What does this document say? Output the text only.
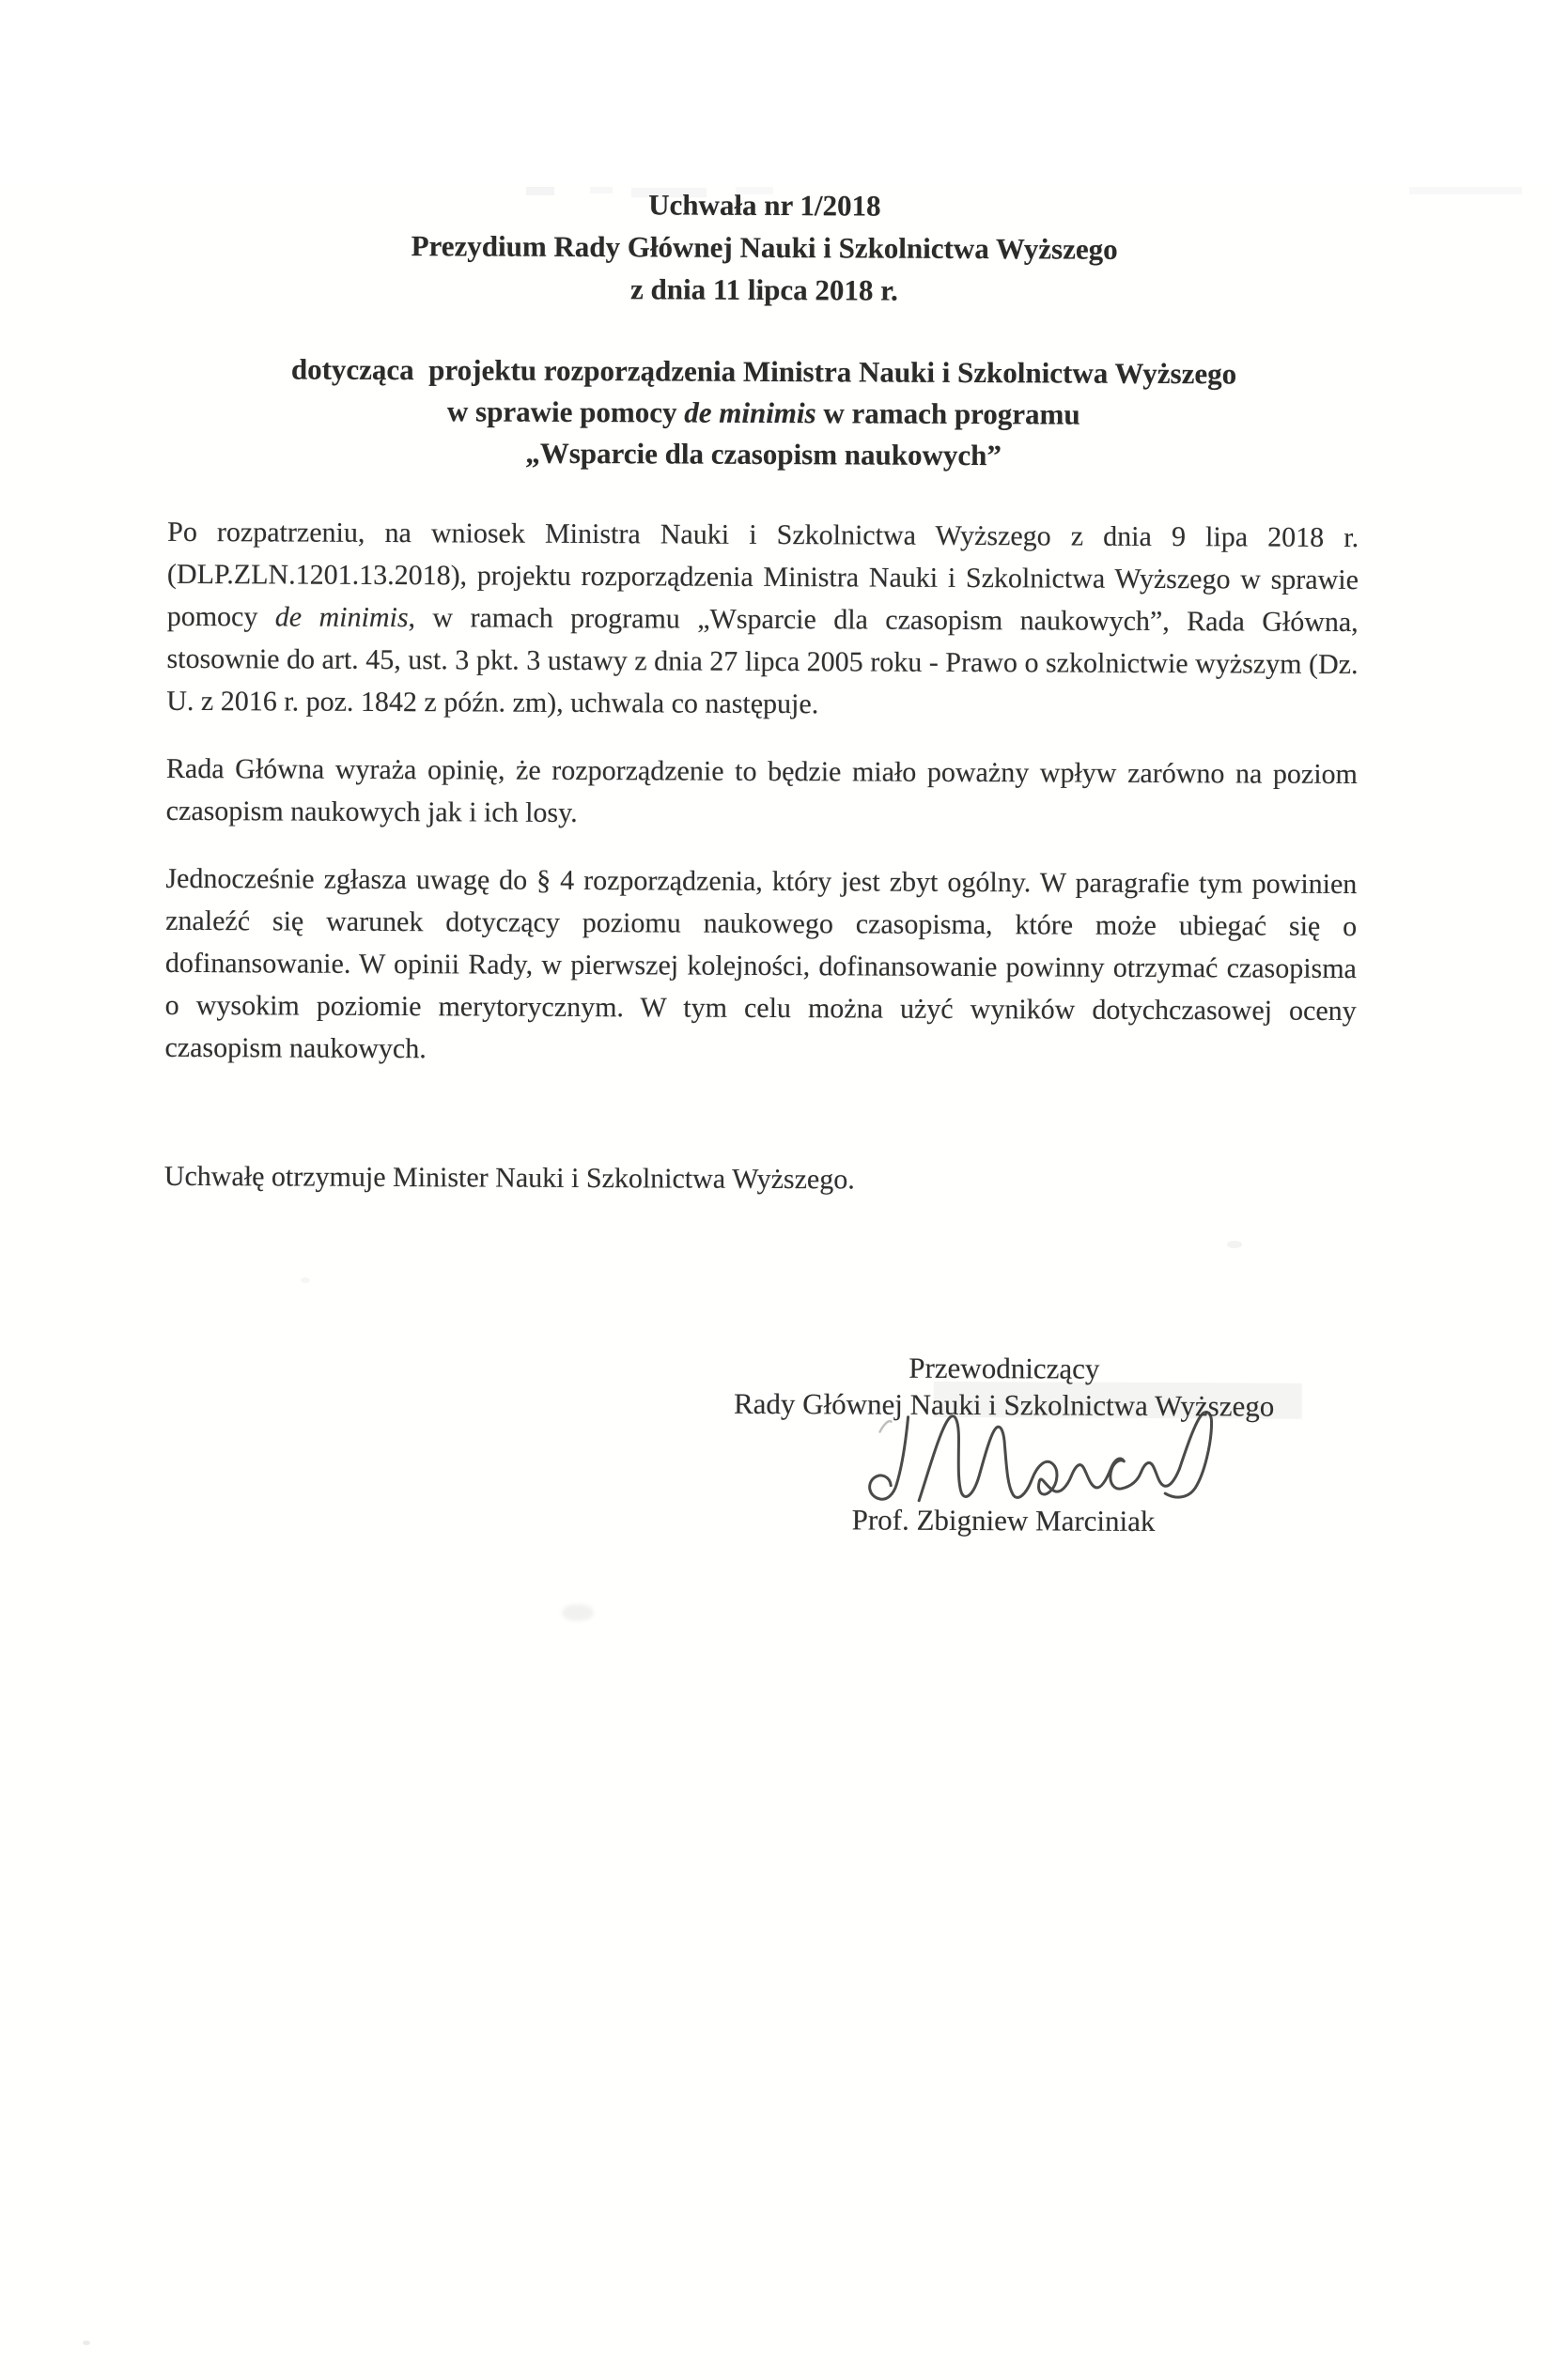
Uchwała nr 1/2018
Prezydium Rady Głównej Nauki i Szkolnictwa Wyższego
z dnia 11 lipca 2018 r.
dotycząca  projektu rozporządzenia Ministra Nauki i Szkolnictwa Wyższego
w sprawie pomocy de minimis w ramach programu
„Wsparcie dla czasopism naukowych”

Po rozpatrzeniu, na wniosek Ministra Nauki i Szkolnictwa Wyższego z dnia 9 lipa 2018 r. (DLP.ZLN.1201.13.2018), projektu rozporządzenia Ministra Nauki i Szkolnictwa Wyższego w sprawie pomocy de minimis, w ramach programu „Wsparcie dla czasopism naukowych”, Rada Główna, stosownie do art. 45, ust. 3 pkt. 3 ustawy z dnia 27 lipca 2005 roku - Prawo o szkolnictwie wyższym (Dz. U. z 2016 r. poz. 1842 z późn. zm), uchwala co następuje.

Rada Główna wyraża opinię, że rozporządzenie to będzie miało poważny wpływ zarówno na poziom czasopism naukowych jak i ich losy.

Jednocześnie zgłasza uwagę do § 4 rozporządzenia, który jest zbyt ogólny. W paragrafie tym powinien znaleźć się warunek dotyczący poziomu naukowego czasopisma, które może ubiegać się o dofinansowanie. W opinii Rady, w pierwszej kolejności, dofinansowanie powinny otrzymać czasopisma o wysokim poziomie merytorycznym. W tym celu można użyć wyników dotychczasowej oceny czasopism naukowych.

Uchwałę otrzymuje Minister Nauki i Szkolnictwa Wyższego.

Przewodniczący
Rady Głównej Nauki i Szkolnictwa Wyższego
Prof. Zbigniew Marciniak
